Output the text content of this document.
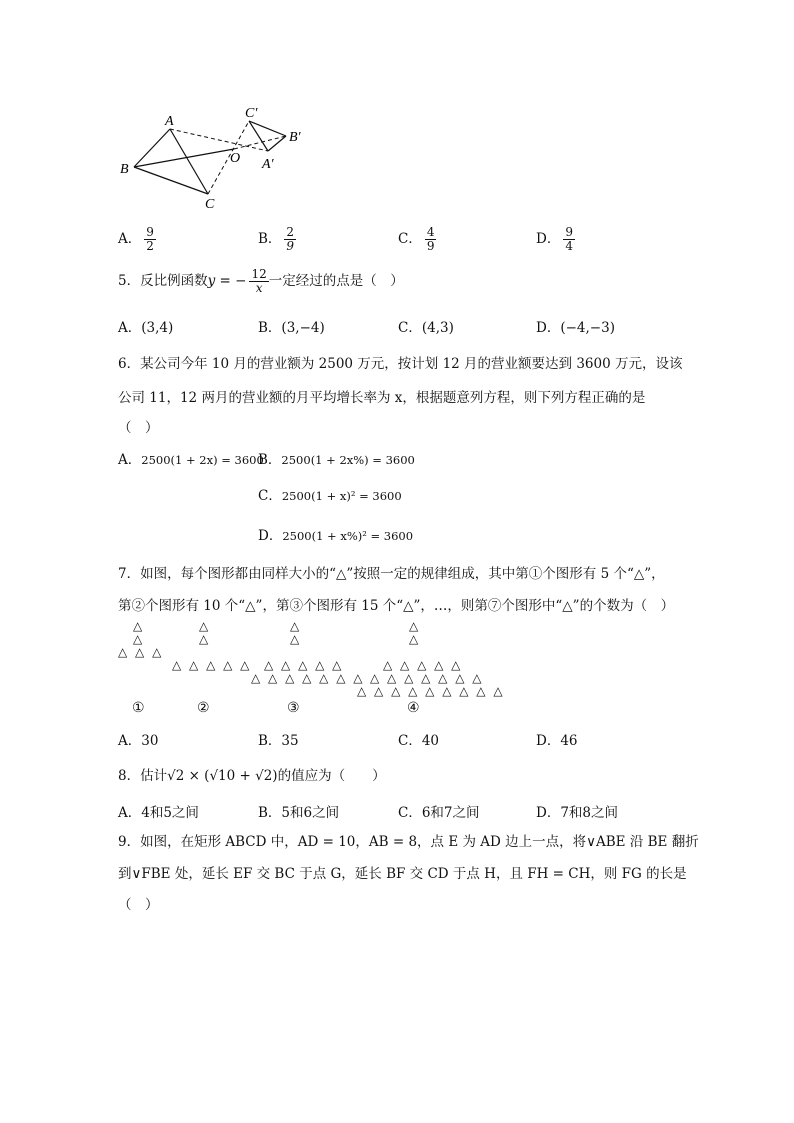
A
B
C
O A′
B′
C′
A． $\frac{9}{2}$	B． $\frac{2}{9}$	C． $\frac{4}{9}$	D． $\frac{9}{4}$
5．反比例函数y = − $\frac{12}{x}$ 一定经过的点是（　）
A．(3,4)	B．(3,−4)	C．(4,3)	D．(−4,−3)
6．某公司今年 10 月的营业额为 2500 万元，按计划 12 月的营业额要达到 3600 万元，设该
公司 11，12 两月的营业额的月平均增长率为 x，根据题意列方程，则下列方程正确的是
（　）
A．2500(1 + 2x) = 3600
B．2500(1 + 2x%) = 3600
C．2500(1 + x)² = 3600
D．2500(1 + x%)² = 3600
7．如图，每个图形都由同样大小的“△”按照一定的规律组成，其中第①个图形有 5 个“△”，
第②个图形有 10 个“△”，第③个图形有 15 个“△”，…，则第⑦个图形中“△”的个数为（　）
△
△
△ △ △
①
△
△
△ △ △ △ △
②
△
△
△ △ △ △ △
△ △ △ △ △ △ △
③
△
△
△ △ △ △ △
△ △ △ △ △ △ △
△ △ △ △ △ △ △ △ △
④
A．30	B．35	C．40	D．46
8．估计√2 × (√10 + √2)的值应为（　　）
A．4和5之间	B．5和6之间	C．6和7之间	D．7和8之间
9．如图，在矩形 ABCD 中，AD = 10，AB = 8，点 E 为 AD 边上一点，将∨ABE 沿 BE 翻折
到∨FBE 处，延长 EF 交 BC 于点 G，延长 BF 交 CD 于点 H，且 FH = CH，则 FG 的长是
（　）
